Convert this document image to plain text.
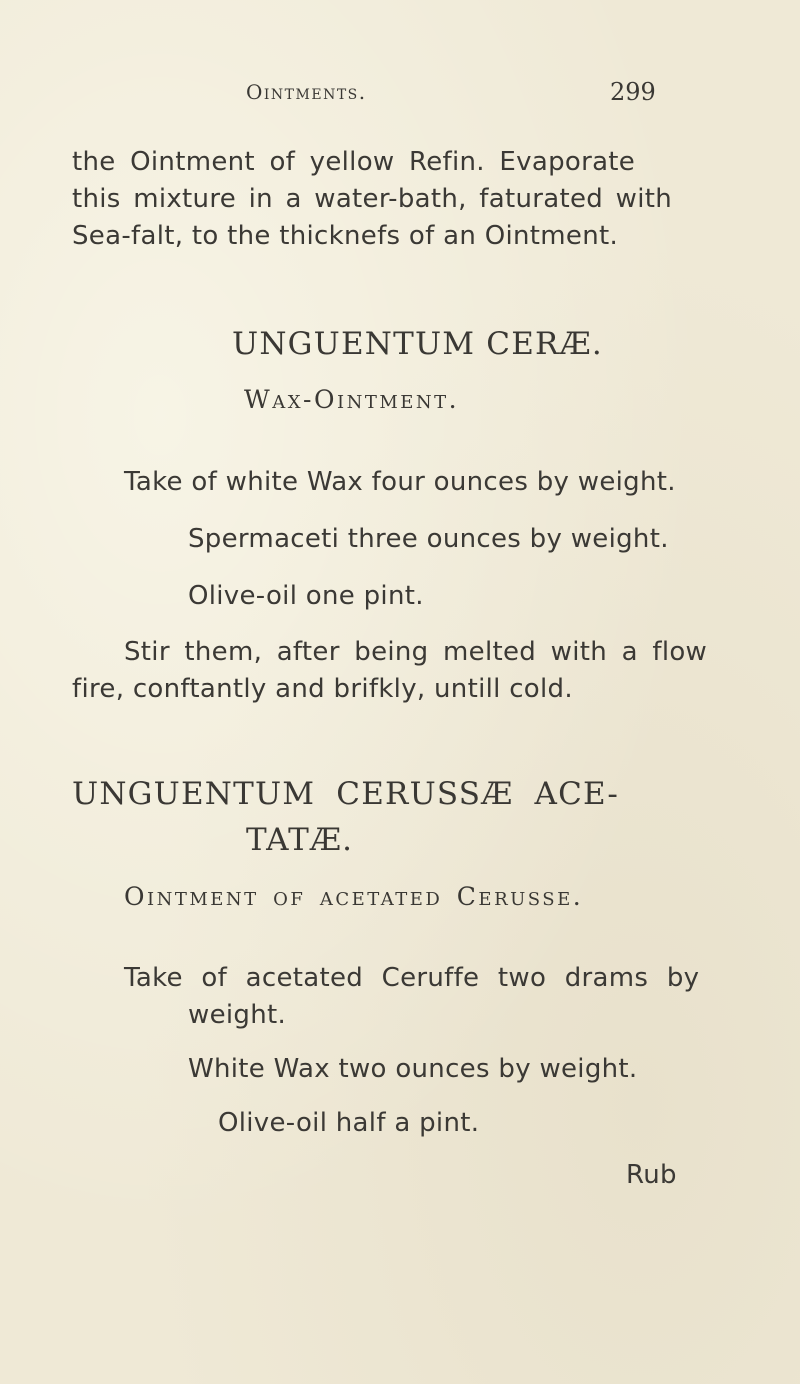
Ointments.	299
the Ointment of yellow Refin. Evaporate
this mixture in a water-bath, faturated with
Sea-falt, to the thicknefs of an Ointment.
UNGUENTUM CERÆ.
Wax-Ointment.
Take of white Wax four ounces by weight.
Spermaceti three ounces by weight.
Olive-oil one pint.
Stir them, after being melted with a flow
fire, conftantly and brifkly, untill cold.
UNGUENTUM CERUSSÆ ACE-
TATÆ.
Ointment of acetated Cerusse.
Take of acetated Ceruffe two drams by
weight.
White Wax two ounces by weight.
Olive-oil half a pint.
Rub
